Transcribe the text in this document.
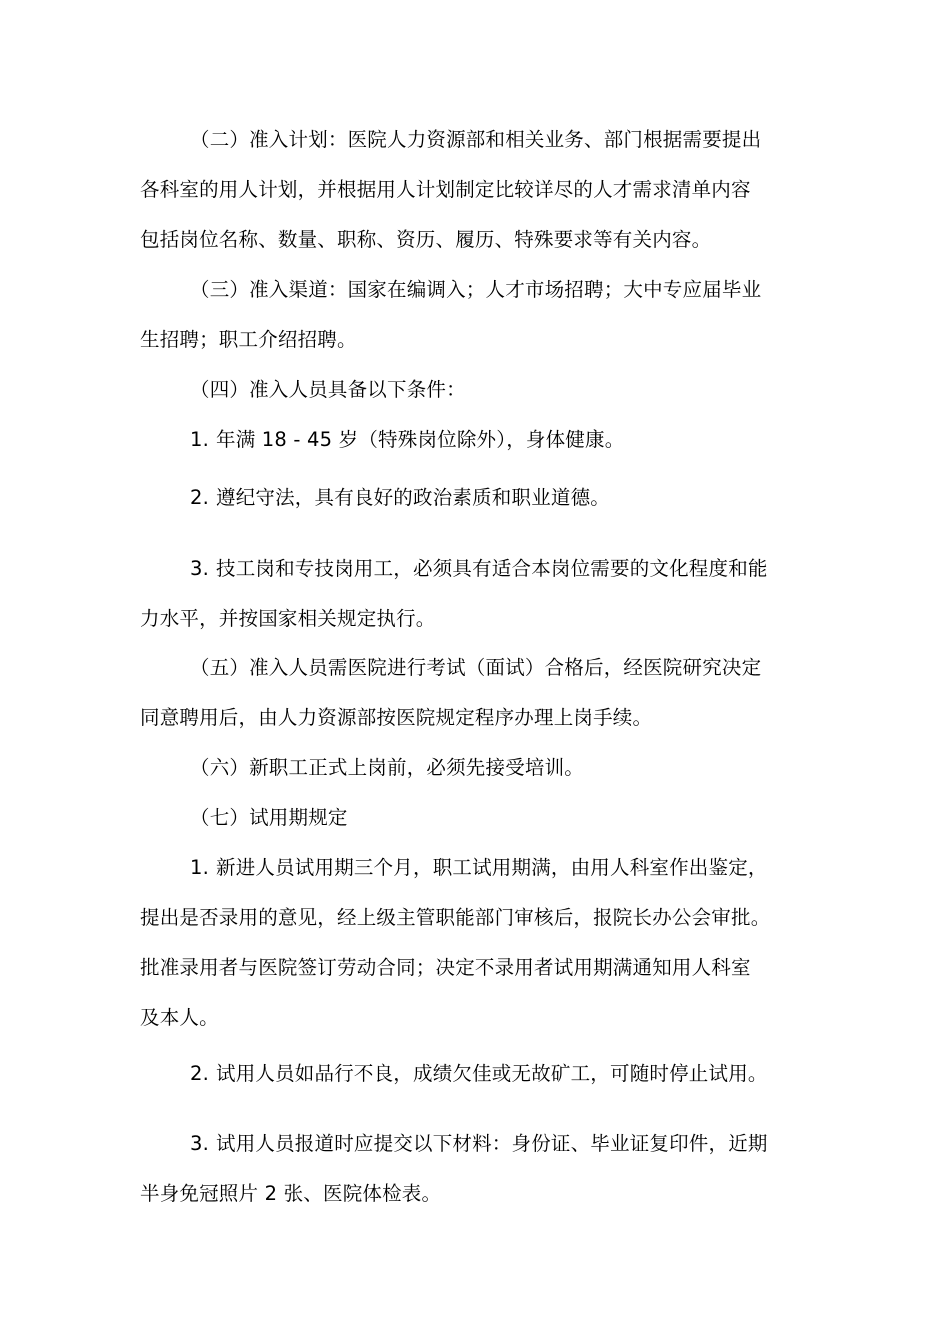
（二）准入计划：医院人力资源部和相关业务、部门根据需要提出
各科室的用人计划，并根据用人计划制定比较详尽的人才需求清单内容
包括岗位名称、数量、职称、资历、履历、特殊要求等有关内容。
（三）准入渠道：国家在编调入；人才市场招聘；大中专应届毕业
生招聘；职工介绍招聘。
（四）准入人员具备以下条件：
1. 年满 18 - 45 岁（特殊岗位除外），身体健康。
2. 遵纪守法，具有良好的政治素质和职业道德。
3. 技工岗和专技岗用工，必须具有适合本岗位需要的文化程度和能
力水平，并按国家相关规定执行。
（五）准入人员需医院进行考试（面试）合格后，经医院研究决定
同意聘用后，由人力资源部按医院规定程序办理上岗手续。
（六）新职工正式上岗前，必须先接受培训。
（七）试用期规定
1. 新进人员试用期三个月，职工试用期满，由用人科室作出鉴定，
提出是否录用的意见，经上级主管职能部门审核后，报院长办公会审批。
批准录用者与医院签订劳动合同；决定不录用者试用期满通知用人科室
及本人。
2. 试用人员如品行不良，成绩欠佳或无故矿工，可随时停止试用。
3. 试用人员报道时应提交以下材料：身份证、毕业证复印件，近期
半身免冠照片 2 张、医院体检表。
